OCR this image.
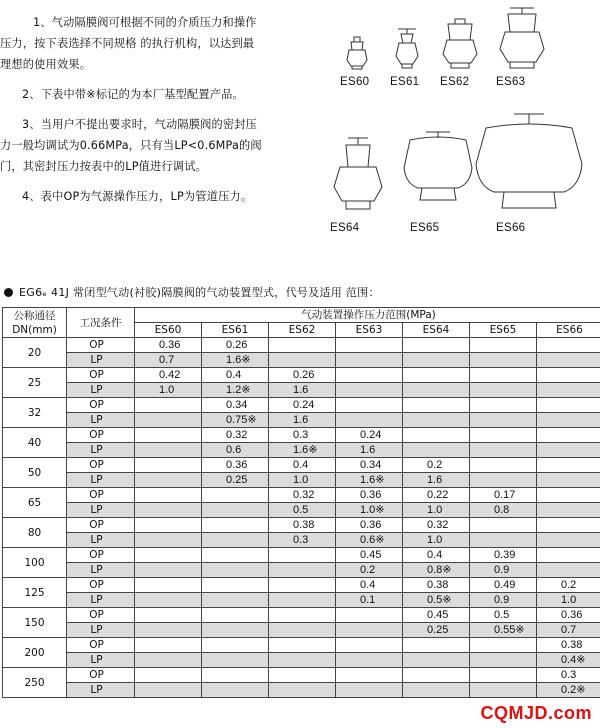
1、气动隔膜阀可根据不同的介质压力和操作

压力，按下表选择不同规格 的执行机构，以达到最

理想的使用效果。

2、下表中带※标记的为本厂基型配置产品。

3、当用户不提出要求时，气动隔膜阀的密封压

力一般均调试为0.66MPa，只有当LP<0.6MPa的阀

门，其密封压力按表中的LP值进行调试。

4、表中OP为气源操作压力，LP为管道压力。

ES60 ES61 ES62 ES63
ES64	ES65	ES66
EG6ₑ 41J 常闭型气动(衬胶)隔膜阀的气动装置型式，代号及适用 范围：
公称通径DN(mm)	工况条件	气动装置操作压力范围(MPa)						
		ES60	ES61	ES62	ES63	ES64	ES65	ES66
20	OP	0.36	0.26					
	LP	0.7	1.6※					
25	OP	0.42	0.4	0.26				
	LP	1.0	1.2※	1.6				
32	OP		0.34	0.24				
	LP		0.75※	1.6				
40	OP		0.32	0.3	0.24			
	LP		0.6	1.6※	1.6			
50	OP		0.36	0.4	0.34	0.2		
	LP		0.25	1.0	1.6※	1.6		
65	OP			0.32	0.36	0.22	0.17	
	LP			0.5	1.0※	1.0	0.8	
80	OP			0.38	0.36	0.32		
	LP			0.3	0.6※	1.0		
100	OP				0.45	0.4	0.39	
	LP				0.2	0.8※	0.9	
125	OP				0.4	0.38	0.49	0.2
	LP				0.1	0.5※	0.9	1.0
150	OP					0.45	0.5	0.36
	LP					0.25	0.55※	0.7
200	OP							0.38
	LP							0.4※
250	OP							0.3
	LP							0.2※
CQMJD.com
